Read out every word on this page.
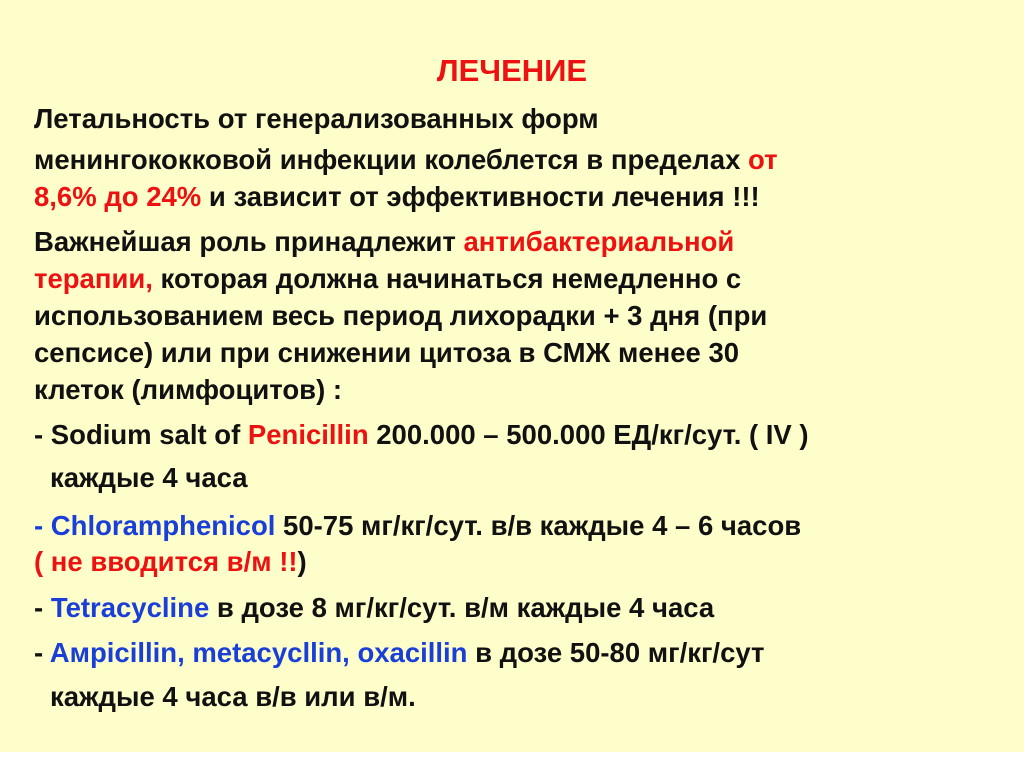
ЛЕЧЕНИЕ
Летальность от генерализованных форм
менингококковой инфекции колеблется в пределах от
8,6% до 24% и зависит от эффективности лечения !!!
Важнейшая роль принадлежит антибактериальной
терапии, которая должна начинаться немедленно с
использованием весь период лихорадки + 3 дня (при
сепсисе) или при снижении цитоза в СМЖ менее 30
клеток (лимфоцитов) :
- Sodium salt of Penicillin 200.000 – 500.000 ЕД/кг/сут. ( IV )
каждые 4 часа
- Chloramphenicol 50-75 мг/кг/сут. в/в каждые 4 – 6 часов
( не вводится в/м !!)
- Tetracycline в дозе 8 мг/кг/сут. в/м каждые 4 часа
- Aмpicillin, metacycllin, oxacillin в дозе 50-80 мг/кг/сут
каждые 4 часа в/в или в/м.
